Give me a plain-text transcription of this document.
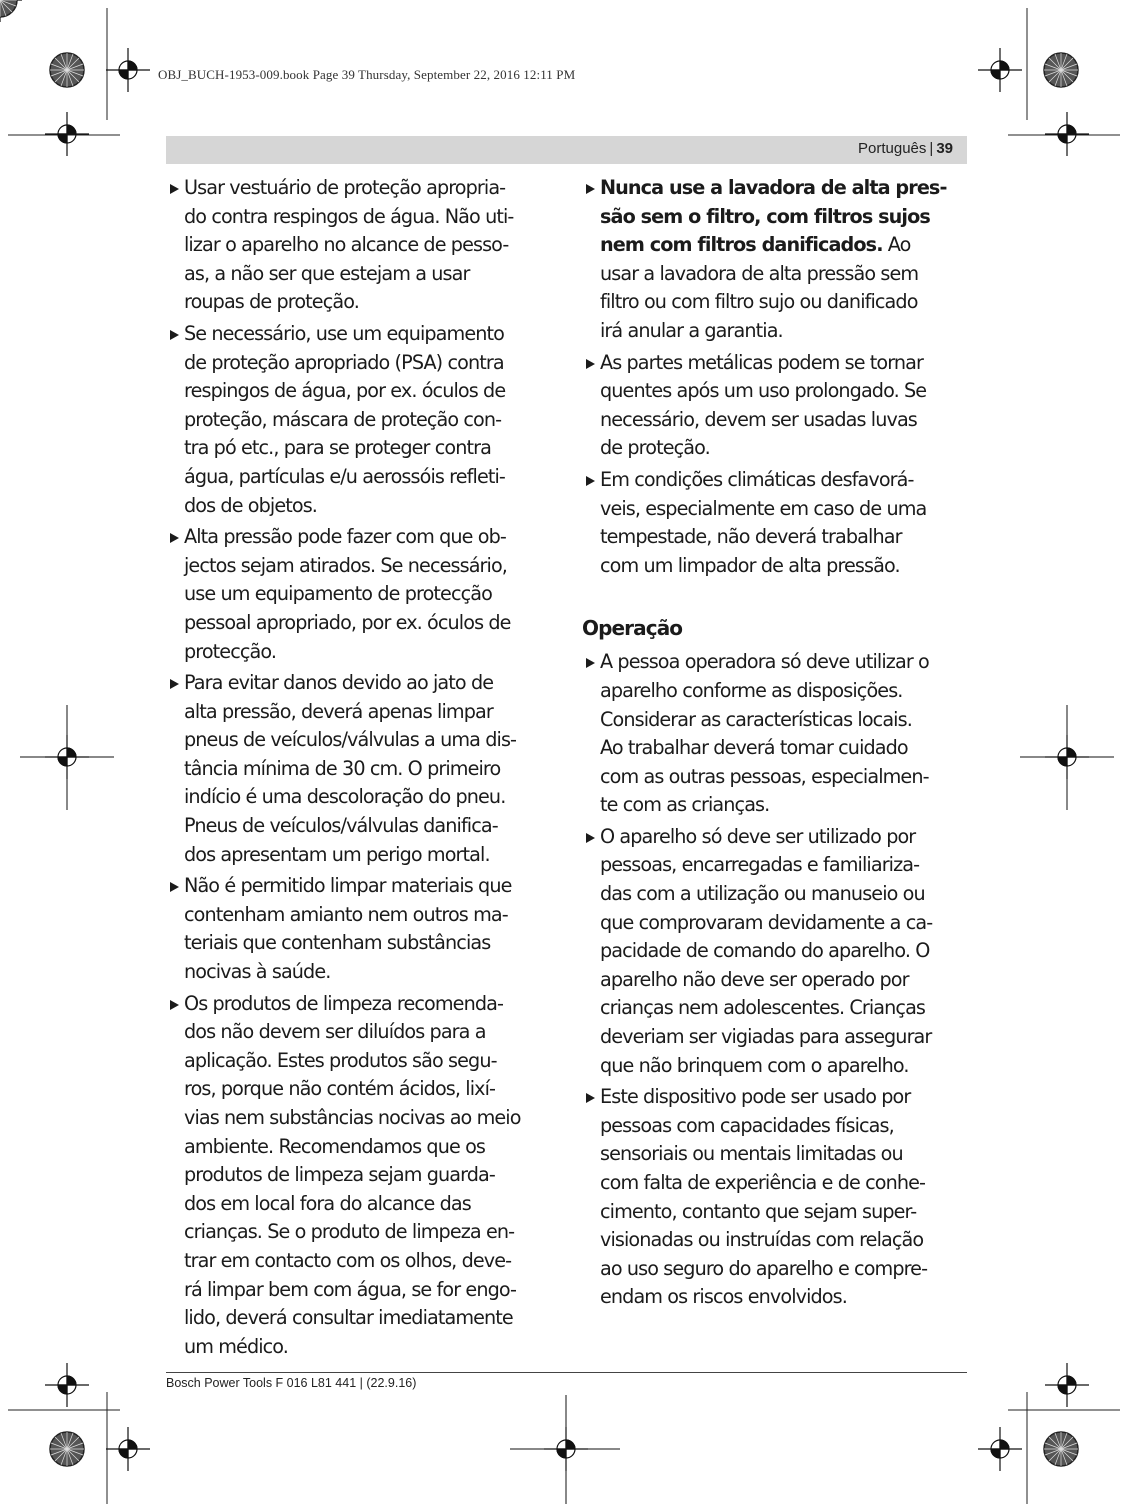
OBJ_BUCH-1953-009.book Page 39 Thursday, September 22, 2016 12:11 PM
Português | 39
Usar vestuário de proteção apropria-
do contra respingos de água. Não uti-
lizar o aparelho no alcance de pesso-
as, a não ser que estejam a usar
roupas de proteção.
Se necessário, use um equipamento
de proteção apropriado (PSA) contra
respingos de água, por ex. óculos de
proteção, máscara de proteção con-
tra pó etc., para se proteger contra
água, partículas e/u aerossóis refleti-
dos de objetos.
Alta pressão pode fazer com que ob-
jectos sejam atirados. Se necessário,
use um equipamento de protecção
pessoal apropriado, por ex. óculos de
protecção.
Para evitar danos devido ao jato de
alta pressão, deverá apenas limpar
pneus de veículos/válvulas a uma dis-
tância mínima de 30 cm. O primeiro
indício é uma descoloração do pneu.
Pneus de veículos/válvulas danifica-
dos apresentam um perigo mortal.
Não é permitido limpar materiais que
contenham amianto nem outros ma-
teriais que contenham substâncias
nocivas à saúde.
Os produtos de limpeza recomenda-
dos não devem ser diluídos para a
aplicação. Estes produtos são segu-
ros, porque não contém ácidos, lixí-
vias nem substâncias nocivas ao meio
ambiente. Recomendamos que os
produtos de limpeza sejam guarda-
dos em local fora do alcance das
crianças. Se o produto de limpeza en-
trar em contacto com os olhos, deve-
rá limpar bem com água, se for engo-
lido, deverá consultar imediatamente
um médico.
Nunca use a lavadora de alta pres-
são sem o filtro, com filtros sujos
nem com filtros danificados. Ao
usar a lavadora de alta pressão sem
filtro ou com filtro sujo ou danificado
irá anular a garantia.
As partes metálicas podem se tornar
quentes após um uso prolongado. Se
necessário, devem ser usadas luvas
de proteção.
Em condições climáticas desfavorá-
veis, especialmente em caso de uma
tempestade, não deverá trabalhar
com um limpador de alta pressão.
Operação
A pessoa operadora só deve utilizar o
aparelho conforme as disposições.
Considerar as características locais.
Ao trabalhar deverá tomar cuidado
com as outras pessoas, especialmen-
te com as crianças.
O aparelho só deve ser utilizado por
pessoas, encarregadas e familiariza-
das com a utilização ou manuseio ou
que comprovaram devidamente a ca-
pacidade de comando do aparelho. O
aparelho não deve ser operado por
crianças nem adolescentes. Crianças
deveriam ser vigiadas para assegurar
que não brinquem com o aparelho.
Este dispositivo pode ser usado por
pessoas com capacidades físicas,
sensoriais ou mentais limitadas ou
com falta de experiência e de conhe-
cimento, contanto que sejam super-
visionadas ou instruídas com relação
ao uso seguro do aparelho e compre-
endam os riscos envolvidos.
Bosch Power Tools F 016 L81 441 | (22.9.16)
